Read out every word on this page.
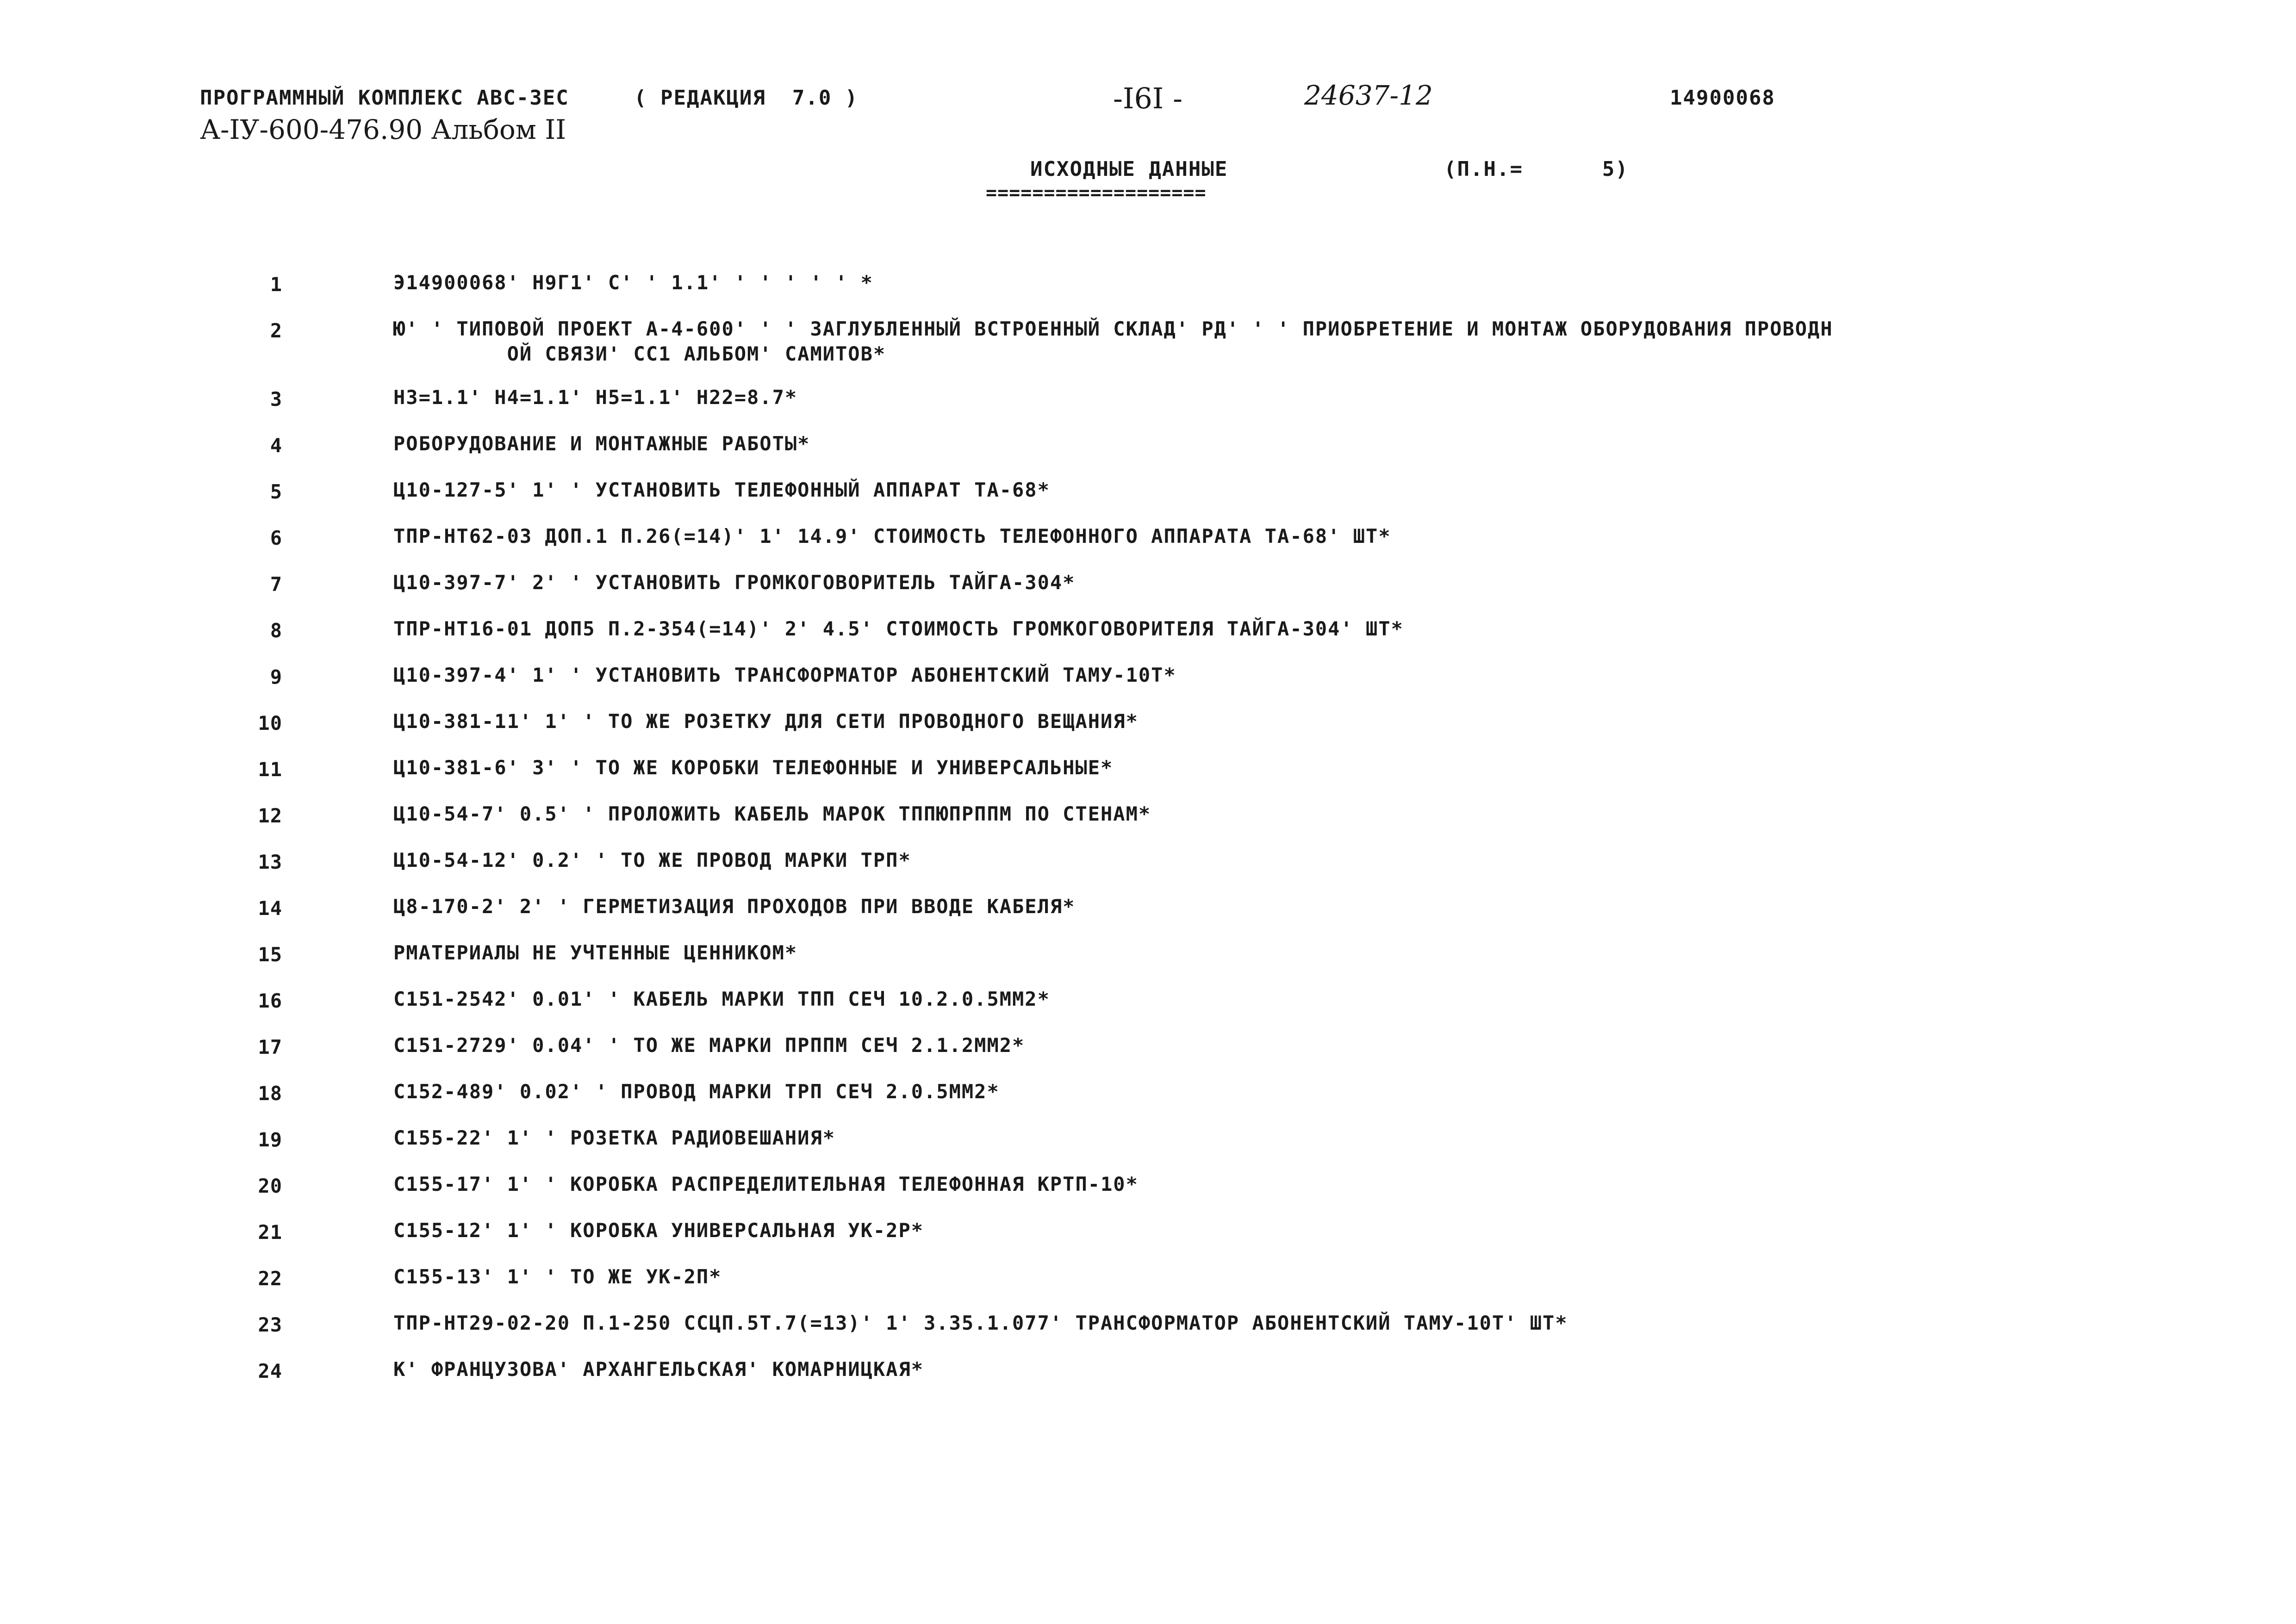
ПРОГРАММНЫЙ КОМПЛЕКС АВС-ЗЕС	( РЕДАКЦИЯ  7.0 )
А-IУ-600-476.90 Альбом II
-I6I -	24637-12	14900068
ИСХОДНЫЕ ДАННЫЕ
===================
(П.Н.=      5)
1	Э14900068' Н9Г1' С' ' 1.1' ' ' ' ' ' *
2	Ю' ' ТИПОВОЙ ПРОЕКТ А-4-600' ' ' ЗАГЛУБЛЕННЫЙ ВСТРОЕННЫЙ СКЛАД' РД' ' ' ПРИОБРЕТЕНИЕ И МОНТАЖ ОБОРУДОВАНИЯ ПРОВОДН
ОЙ СВЯЗИ' СС1 АЛЬБОМ' САМИТОВ*
3	Н3=1.1' Н4=1.1' Н5=1.1' Н22=8.7*
4	РОБОРУДОВАНИЕ И МОНТАЖНЫЕ РАБОТЫ*
5	Ц10-127-5' 1' ' УСТАНОВИТЬ ТЕЛЕФОННЫЙ АППАРАТ ТА-68*
6	ТПР-НТ62-03 ДОП.1 П.26(=14)' 1' 14.9' СТОИМОСТЬ ТЕЛЕФОННОГО АППАРАТА ТА-68' ШТ*
7	Ц10-397-7' 2' ' УСТАНОВИТЬ ГРОМКОГОВОРИТЕЛЬ ТАЙГА-304*
8	ТПР-НТ16-01 ДОП5 П.2-354(=14)' 2' 4.5' СТОИМОСТЬ ГРОМКОГОВОРИТЕЛЯ ТАЙГА-304' ШТ*
9	Ц10-397-4' 1' ' УСТАНОВИТЬ ТРАНСФОРМАТОР АБОНЕНТСКИЙ ТАМУ-10Т*
10	Ц10-381-11' 1' ' ТО ЖЕ РОЗЕТКУ ДЛЯ СЕТИ ПРОВОДНОГО ВЕЩАНИЯ*
11	Ц10-381-6' 3' ' ТО ЖЕ КОРОБКИ ТЕЛЕФОННЫЕ И УНИВЕРСАЛЬНЫЕ*
12	Ц10-54-7' 0.5' ' ПРОЛОЖИТЬ КАБЕЛЬ МАРОК ТППЮПРППМ ПО СТЕНАМ*
13	Ц10-54-12' 0.2' ' ТО ЖЕ ПРОВОД МАРКИ ТРП*
14	Ц8-170-2' 2' ' ГЕРМЕТИЗАЦИЯ ПРОХОДОВ ПРИ ВВОДЕ КАБЕЛЯ*
15	РМАТЕРИАЛЫ НЕ УЧТЕННЫЕ ЦЕННИКОМ*
16	С151-2542' 0.01' ' КАБЕЛЬ МАРКИ ТПП СЕЧ 10.2.0.5ММ2*
17	С151-2729' 0.04' ' ТО ЖЕ МАРКИ ПРППМ СЕЧ 2.1.2ММ2*
18	С152-489' 0.02' ' ПРОВОД МАРКИ ТРП СЕЧ 2.0.5ММ2*
19	С155-22' 1' ' РОЗЕТКА РАДИОВЕШАНИЯ*
20	С155-17' 1' ' КОРОБКА РАСПРЕДЕЛИТЕЛЬНАЯ ТЕЛЕФОННАЯ КРТП-10*
21	С155-12' 1' ' КОРОБКА УНИВЕРСАЛЬНАЯ УК-2Р*
22	С155-13' 1' ' ТО ЖЕ УК-2П*
23	ТПР-НТ29-02-20 П.1-250 ССЦП.5Т.7(=13)' 1' 3.35.1.077' ТРАНСФОРМАТОР АБОНЕНТСКИЙ ТАМУ-10Т' ШТ*
24	К' ФРАНЦУЗОВА' АРХАНГЕЛЬСКАЯ' КОМАРНИЦКАЯ*
